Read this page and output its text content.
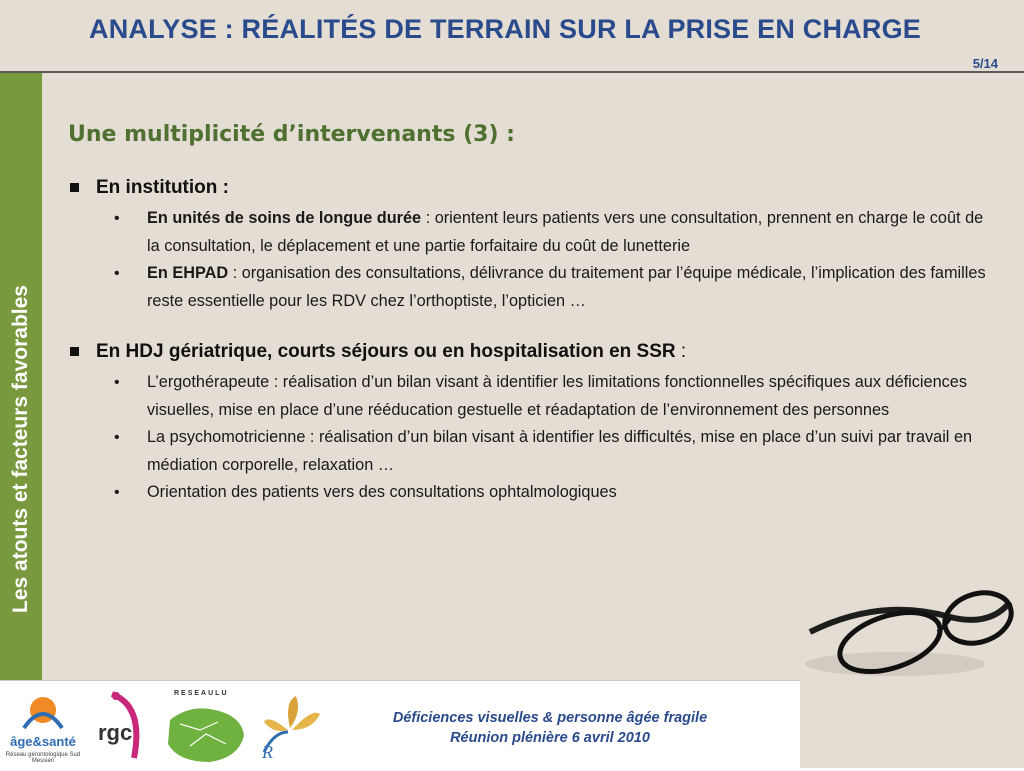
ANALYSE : RÉALITÉS DE TERRAIN SUR LA PRISE EN CHARGE
5/14
Les atouts et facteurs favorables
Une multiplicité d’intervenants (3) :
En institution :
• En unités de soins de longue durée : orientent leurs patients vers une consultation, prennent en charge le coût de la consultation, le déplacement et une partie forfaitaire du coût de lunetterie
• En EHPAD : organisation des consultations, délivrance du traitement par l’équipe médicale, l’implication des familles reste essentielle pour les RDV chez l’orthoptiste, l’opticien …
En HDJ gériatrique, courts séjours ou en hospitalisation en SSR :
• L’ergothérapeute : réalisation d’un bilan visant à identifier les limitations fonctionnelles spécifiques aux déficiences visuelles, mise en place d’une rééducation gestuelle et réadaptation de l’environnement des personnes
• La psychomotricienne : réalisation d’un bilan visant à identifier les difficultés, mise en place d’un suivi par travail en médiation corporelle, relaxation …
• Orientation des patients vers des consultations ophtalmologiques
âge&santé
Réseau gérontologique Sud Messien
rgc
RESEAULU
R
Déficiences visuelles & personne âgée fragile
Réunion plénière 6 avril 2010
